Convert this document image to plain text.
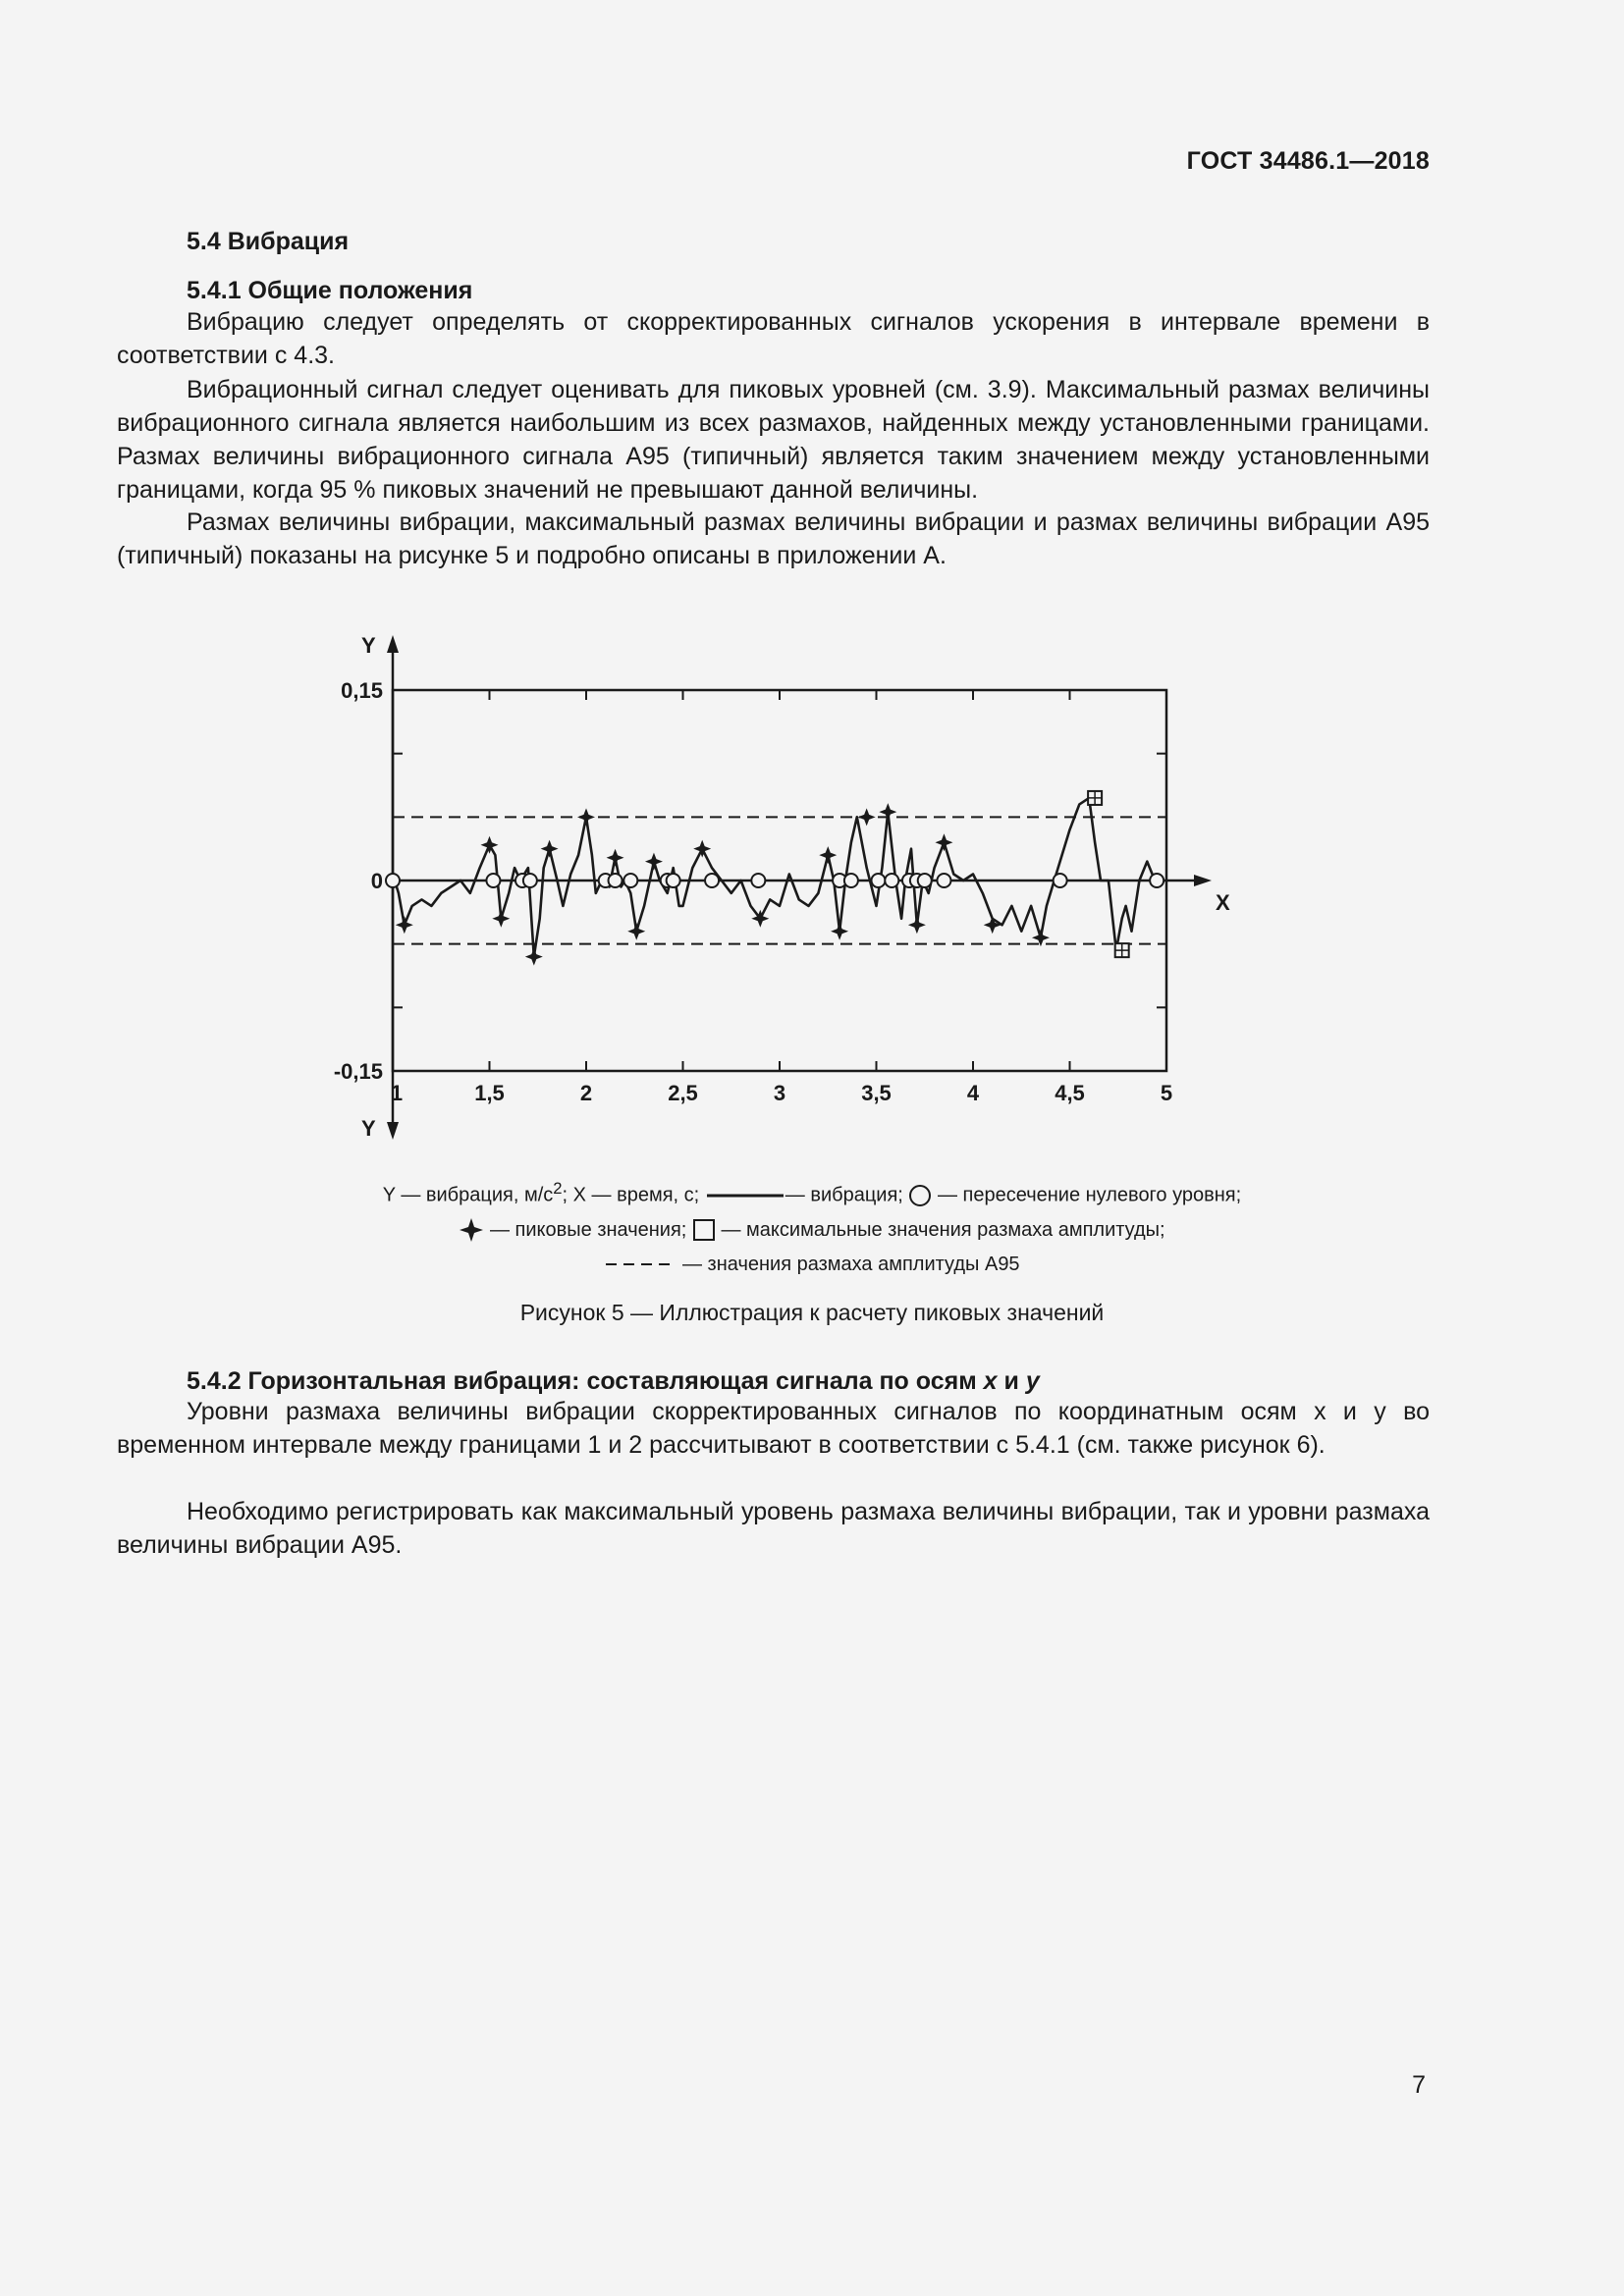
ГОСТ 34486.1—2018
5.4 Вибрация
5.4.1 Общие положения

Вибрацию следует определять от скорректированных сигналов ускорения в интервале времени в соответствии с 4.3.

Вибрационный сигнал следует оценивать для пиковых уровней (см. 3.9). Максимальный размах величины вибрационного сигнала является наибольшим из всех размахов, найденных между установленными границами. Размах величины вибрационного сигнала А95 (типичный) является таким значением между установленными границами, когда 95 % пиковых значений не превышают данной величины.

Размах величины вибрации, максимальный размах величины вибрации и размах величины вибрации А95 (типичный) показаны на рисунке 5 и подробно описаны в приложении А.

Y
Y
X
0,15
0
-0,15
1	1,5	2	2,5	3	3,5	4	4,5	5
Y — вибрация, $м/с^2$; X — время, с;	— вибрация; — пересечение нулевого уровня;
— пиковые значения; — максимальные значения размаха амплитуды;
— значения размаха амплитуды А95
Рисунок 5 — Иллюстрация к расчету пиковых значений
5.4.2 Горизонтальная вибрация: составляющая сигнала по осям x и y

Уровни размаха величины вибрации скорректированных сигналов по координатным осям x и y во временном интервале между границами 1 и 2 рассчитывают в соответствии с 5.4.1 (см. также рисунок 6).

Необходимо регистрировать как максимальный уровень размаха величины вибрации, так и уровни размаха величины вибрации А95.

7
